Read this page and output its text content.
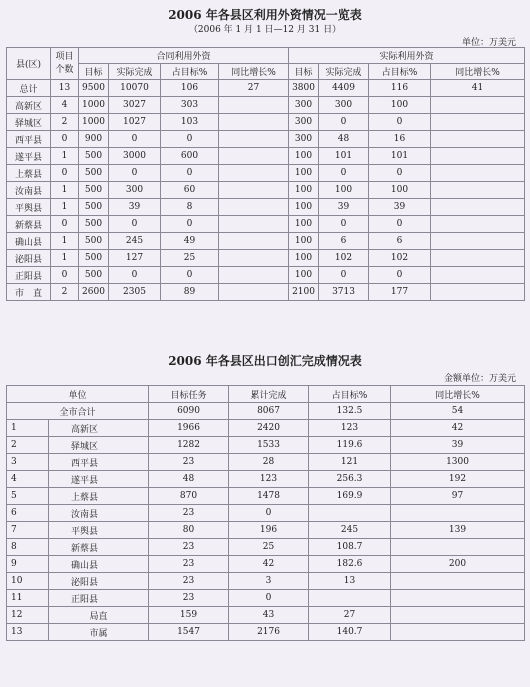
2006 年各县区利用外资情况一览表
（2006 年 1 月 1 日—12 月 31 日）
单位：万美元
县(区)	项目个数	合同利用外资				实际利用外资			
		目标	实际完成	占目标%	同比增长%	目标	实际完成	占目标%	同比增长%
总计	13	9500	10070	106	27	3800	4409	116	41
高新区	4	1000	3027	303		300	300	100	
驿城区	2	1000	1027	103		300	0	0	
西平县	0	900	0	0		300	48	16	
遂平县	1	500	3000	600		100	101	101	
上蔡县	0	500	0	0		100	0	0	
汝南县	1	500	300	60		100	100	100	
平舆县	1	500	39	8		100	39	39	
新蔡县	0	500	0	0		100	0	0	
确山县	1	500	245	49		100	6	6	
泌阳县	1	500	127	25		100	102	102	
正阳县	0	500	0	0		100	0	0	
市　直	2	2600	2305	89		2100	3713	177	
2006 年各县区出口创汇完成情况表
金额单位：万美元
单位		目标任务	累计完成	占目标%	同比增长%
全市合计		6090	8067	132.5	54
1	高新区	1966	2420	123	42
2	驿城区	1282	1533	119.6	39
3	西平县	23	28	121	1300
4	遂平县	48	123	256.3	192
5	上蔡县	870	1478	169.9	97
6	汝南县	23	0		
7	平舆县	80	196	245	139
8	新蔡县	23	25	108.7	
9	确山县	23	42	182.6	200
10	泌阳县	23	3	13	
11	正阳县	23	0		
12	局直	159	43	27	
13	市属	1547	2176	140.7	
